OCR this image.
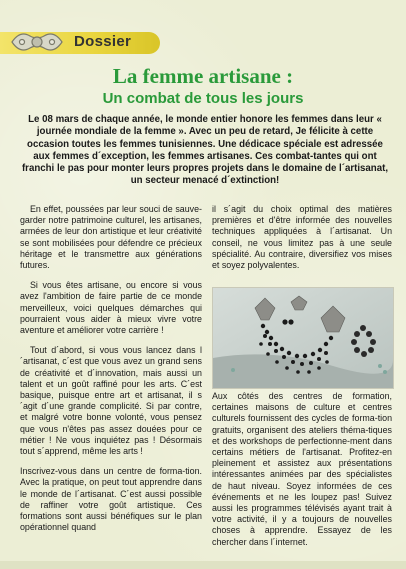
Dossier
La femme artisane :
Un combat de tous les jours
Le 08 mars de chaque année, le monde entier honore les femmes dans leur « journée mondiale de la femme ». Avec un peu de retard, Je félicite à cette occasion toutes les femmes tunisiennes. Une dédicace spéciale est adressée aux femmes d´exception, les femmes artisanes. Ces combat-tantes qui ont franchi le pas pour monter leurs propres projets dans le domaine de l´artisanat, un secteur menacé d´extinction!

En effet, poussées par leur souci de sauve-garder notre patrimoine culturel, les artisanes, armées de leur don artistique et leur créativité se sont mobilisées pour défendre ce précieux héritage et le transmettre aux générations futures.

Si vous êtes artisane, ou encore si vous avez l'ambition de faire partie de ce monde merveilleux, voici quelques démarches qui pourraient vous aider à mieux vivre votre aventure et améliorer votre carrière !

Tout d´abord, si vous vous lancez dans l´artisanat, c´est que vous avez un grand sens de créativité et d´innovation, mais aussi un talent et un goût raffiné pour les arts. C´est basique, puisque entre art et artisanat, il s´agit d´une grande complicité. Si par contre, et malgré votre bonne volonté, vous pensez que vous n'êtes pas assez douées pour ce métier ! Ne vous inquiétez pas ! Désormais tout s´apprend, même les arts !

Inscrivez-vous dans un centre de forma-tion. Avec la pratique, on peut tout apprendre dans le monde de l´artisanat. C´est aussi possible de raffiner votre goût artistique. Ces formations sont aussi bénéfiques sur le plan opérationnel quand

il s´agit du choix optimal des matières premières et d'être informée des nouvelles techniques appliquées à l´artisanat. Un conseil, ne vous limitez pas à une seule spécialité. Au contraire, diversifiez vos mises et soyez polyvalentes.

Aux côtés des centres de formation, certaines maisons de culture et centres culturels fournissent des cycles de forma-tion gratuits, organisent des ateliers théma-tiques et des workshops de perfectionne-ment dans certains métiers de l'artisanat. Profitez-en pleinement et assistez aux présentations intéressantes animées par des spécialistes de haut niveau. Soyez informées de ces événements et ne les loupez pas! Suivez aussi les programmes télévisés ayant trait à votre activité, il y a toujours de nouvelles choses à apprendre. Essayez de les chercher dans l´internet.
